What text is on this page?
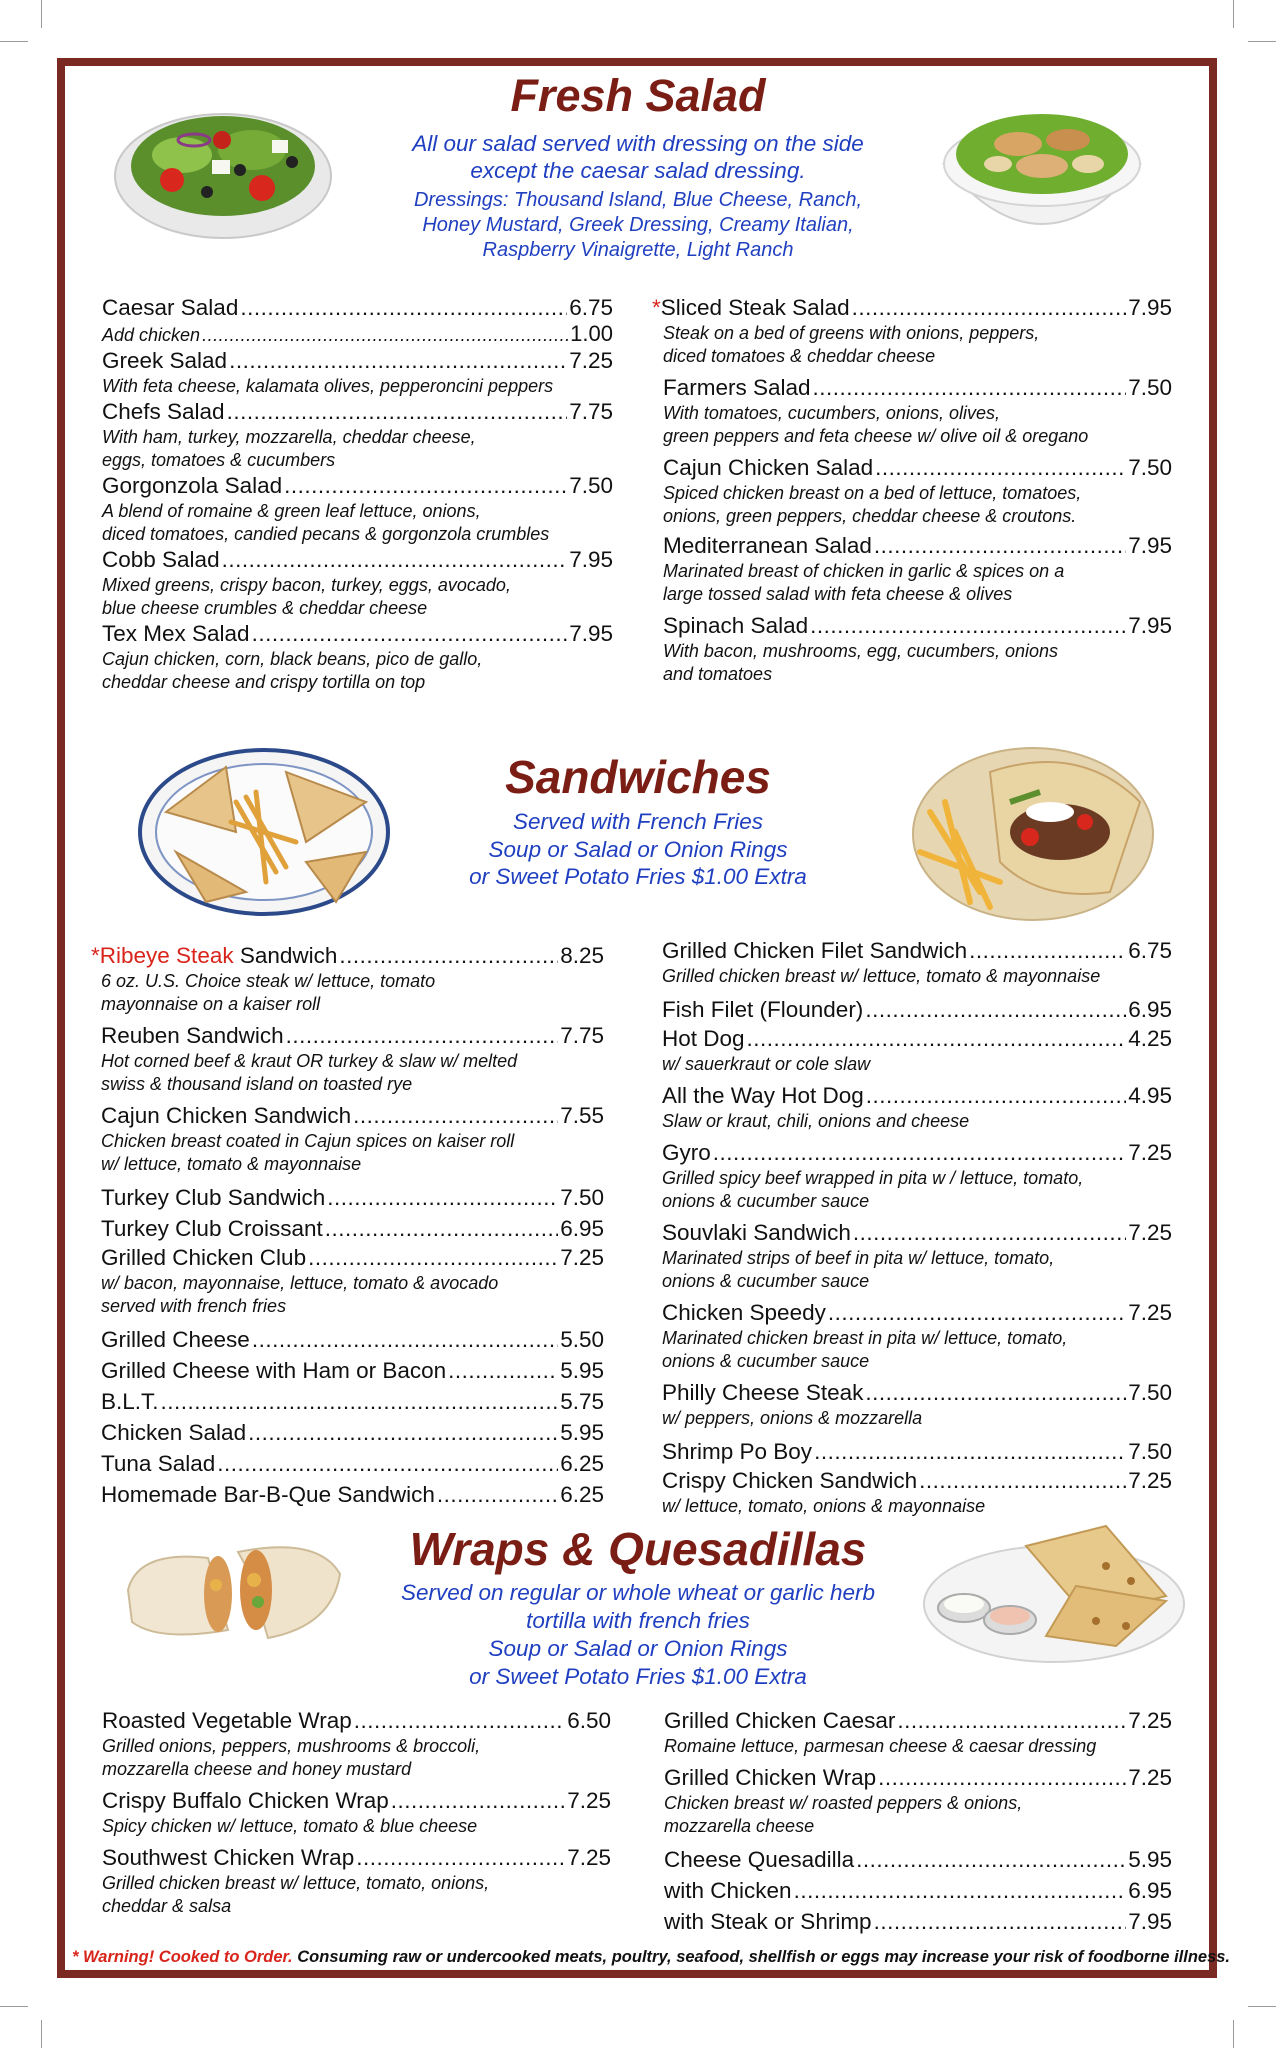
Fresh Salad
All our salad served with dressing on the side
except the caesar salad dressing.
Dressings: Thousand Island, Blue Cheese, Ranch,
Honey Mustard, Greek Dressing, Creamy Italian,
Raspberry Vinaigrette, Light Ranch
Caesar Salad .....	6.75
Add chicken .....	1.00
Greek Salad .....	7.25
With feta cheese, kalamata olives, pepperoncini peppers
Chefs Salad .....	7.75
With ham, turkey, mozzarella, cheddar cheese,
eggs, tomatoes & cucumbers
Gorgonzola Salad .....	7.50
A blend of romaine & green leaf lettuce, onions,
diced tomatoes, candied pecans & gorgonzola crumbles
Cobb Salad .....	7.95
Mixed greens, crispy bacon, turkey, eggs, avocado,
blue cheese crumbles & cheddar cheese
Tex Mex Salad .....	7.95
Cajun chicken, corn, black beans, pico de gallo,
cheddar cheese and crispy tortilla on top
*Sliced Steak Salad .....	7.95
Steak on a bed of greens with onions, peppers,
diced tomatoes & cheddar cheese
Farmers Salad .....	7.50
With tomatoes, cucumbers, onions, olives,
green peppers and feta cheese w/ olive oil & oregano
Cajun Chicken Salad .....	7.50
Spiced chicken breast on a bed of lettuce, tomatoes,
onions, green peppers, cheddar cheese & croutons.
Mediterranean Salad .....	7.95
Marinated breast of chicken in garlic & spices on a
large tossed salad with feta cheese & olives
Spinach Salad .....	7.95
With bacon, mushrooms, egg, cucumbers, onions
and tomatoes
Sandwiches
Served with French Fries
Soup or Salad or Onion Rings
or Sweet Potato Fries $1.00 Extra
*Ribeye Steak Sandwich .....	8.25
6 oz. U.S. Choice steak w/ lettuce, tomato
mayonnaise on a kaiser roll
Reuben Sandwich .....	7.75
Hot corned beef & kraut OR turkey & slaw w/ melted
swiss & thousand island on toasted rye
Cajun Chicken Sandwich .....	7.55
Chicken breast coated in Cajun spices on kaiser roll
w/ lettuce, tomato & mayonnaise
Turkey Club Sandwich .....	7.50
Turkey Club Croissant .....	6.95
Grilled Chicken Club .....	7.25
w/ bacon, mayonnaise, lettuce, tomato & avocado
served with french fries
Grilled Cheese .....	5.50
Grilled Cheese with Ham or Bacon .....	5.95
B.L.T. .....	5.75
Chicken Salad .....	5.95
Tuna Salad .....	6.25
Homemade Bar-B-Que Sandwich .....	6.25
Grilled Chicken Filet Sandwich .....	6.75
Grilled chicken breast w/ lettuce, tomato & mayonnaise
Fish Filet (Flounder) .....	6.95
Hot Dog .....	4.25
w/ sauerkraut or cole slaw
All the Way Hot Dog .....	4.95
Slaw or kraut, chili, onions and cheese
Gyro .....	7.25
Grilled spicy beef wrapped in pita w / lettuce, tomato,
onions & cucumber sauce
Souvlaki Sandwich .....	7.25
Marinated strips of beef in pita w/ lettuce, tomato,
onions & cucumber sauce
Chicken Speedy .....	7.25
Marinated chicken breast in pita w/ lettuce, tomato,
onions & cucumber sauce
Philly Cheese Steak .....	7.50
w/ peppers, onions & mozzarella
Shrimp Po Boy .....	7.50
Crispy Chicken Sandwich .....	7.25
w/ lettuce, tomato, onions & mayonnaise
Wraps & Quesadillas
Served on regular or whole wheat or garlic herb
tortilla with french fries
Soup or Salad or Onion Rings
or Sweet Potato Fries $1.00 Extra
Roasted Vegetable Wrap .....	6.50
Grilled onions, peppers, mushrooms & broccoli,
mozzarella cheese and honey mustard
Crispy Buffalo Chicken Wrap .....	7.25
Spicy chicken w/ lettuce, tomato & blue cheese
Southwest Chicken Wrap .....	7.25
Grilled chicken breast w/ lettuce, tomato, onions,
cheddar & salsa
Grilled Chicken Caesar .....	7.25
Romaine lettuce, parmesan cheese & caesar dressing
Grilled Chicken Wrap .....	7.25
Chicken breast w/ roasted peppers & onions,
mozzarella cheese
Cheese Quesadilla .....	5.95
with Chicken .....	6.95
with Steak or Shrimp .....	7.95
* Warning! Cooked to Order. Consuming raw or undercooked meats, poultry, seafood, shellfish or eggs may increase your risk of foodborne illness.
